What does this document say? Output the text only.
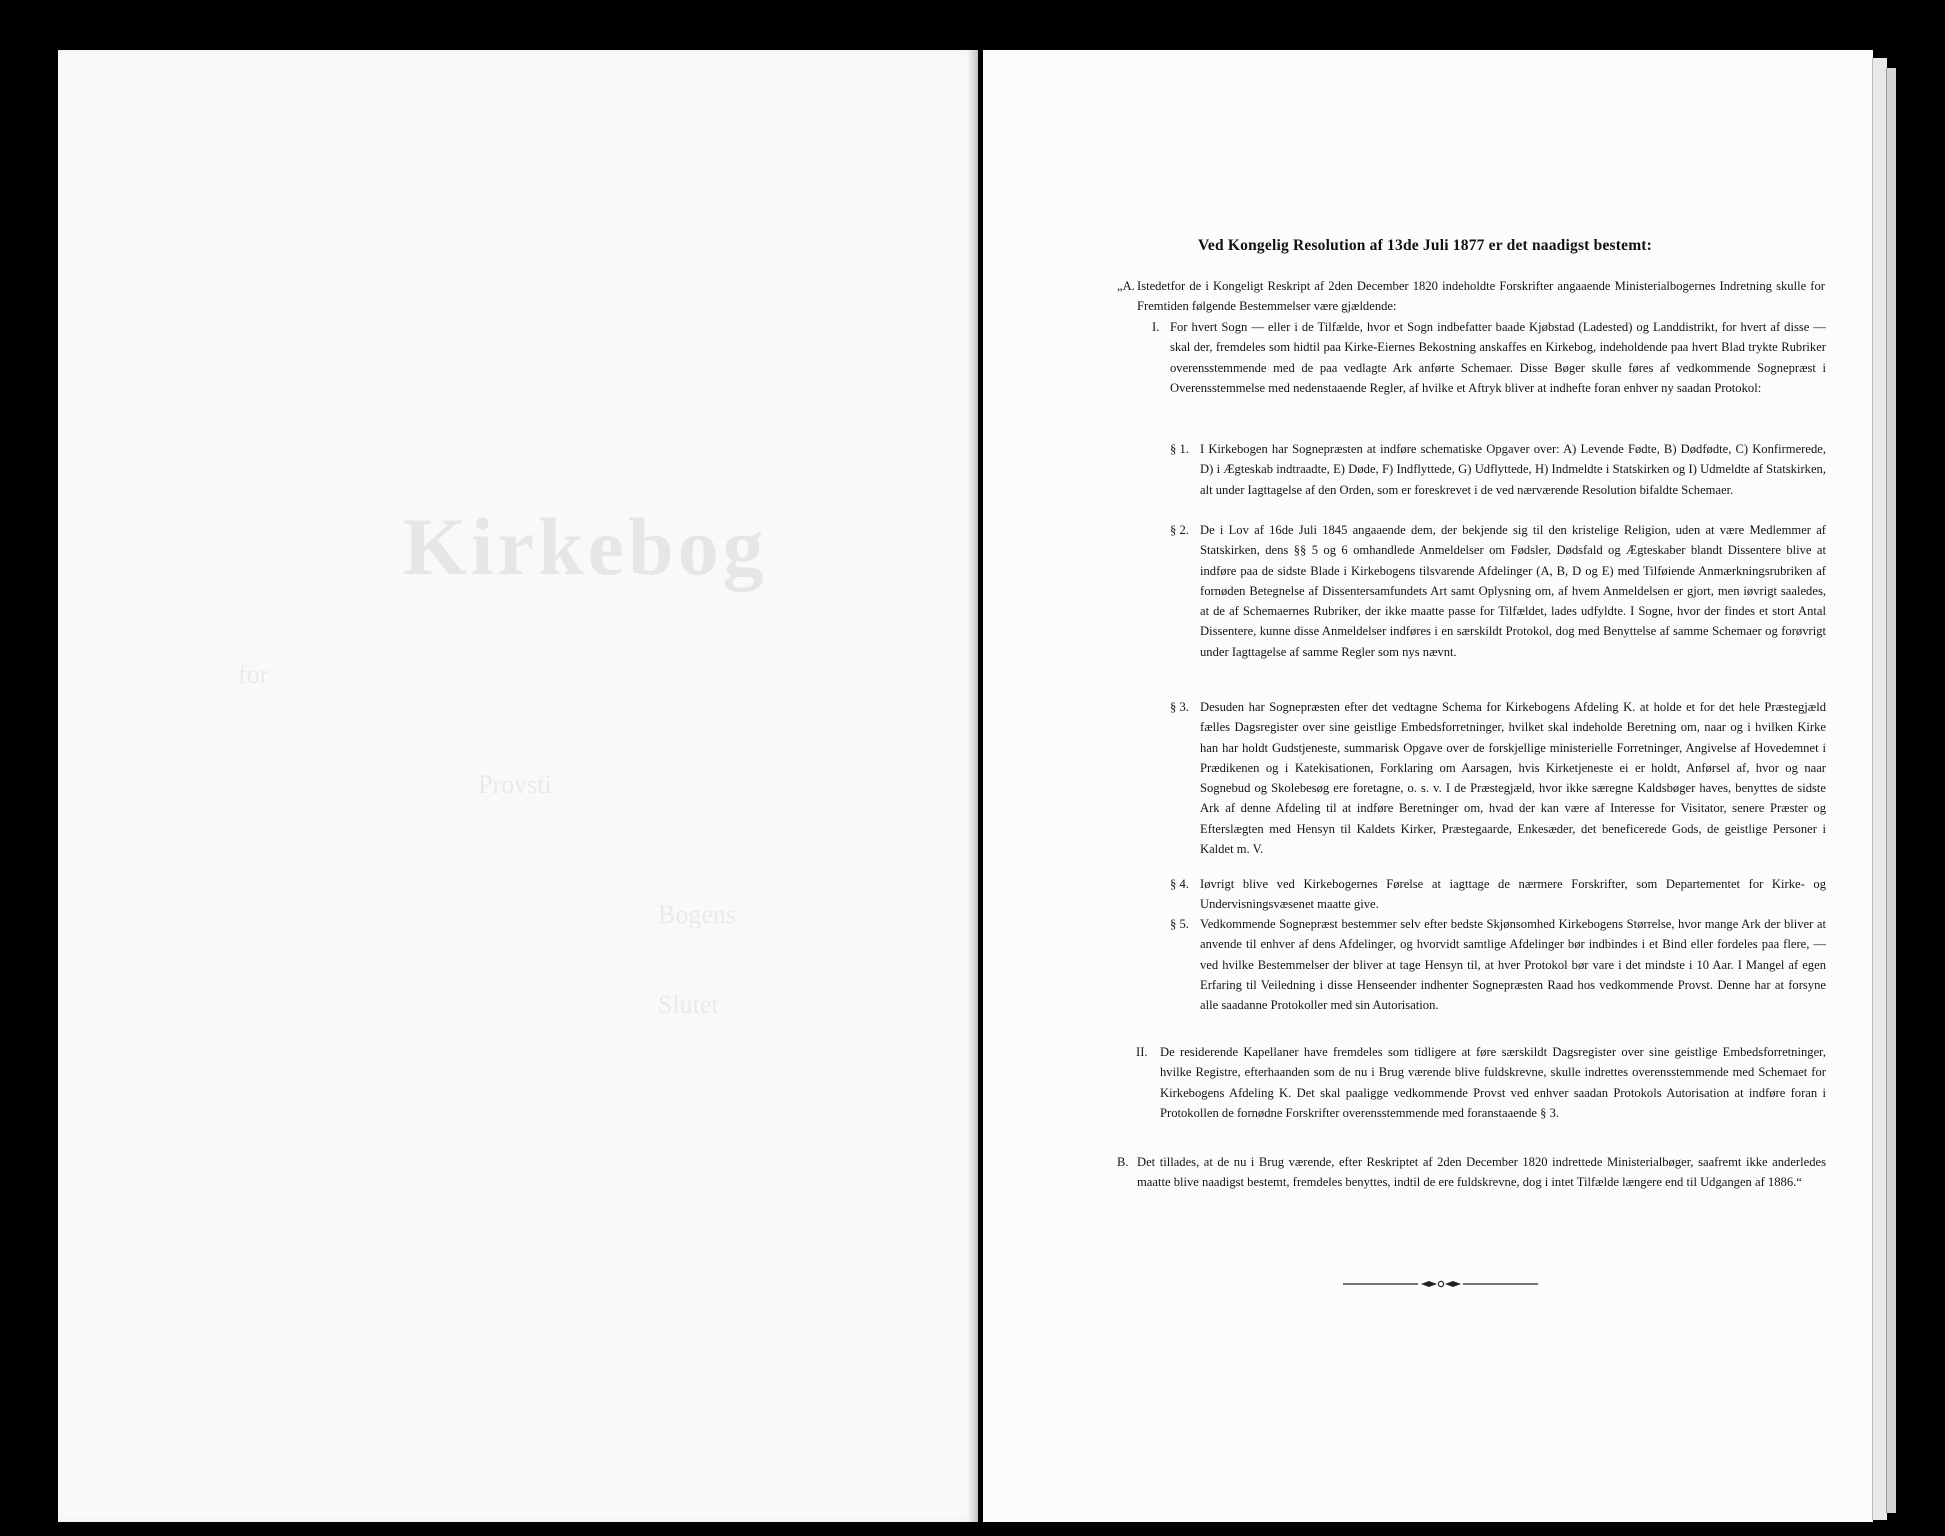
Kirkebog
for
Provsti
Bogens
Slutet
Ved Kongelig Resolution af 13de Juli 1877 er det naadigst bestemt:
„A. Istedetfor de i Kongeligt Reskript af 2den December 1820 indeholdte Forskrifter angaaende Ministerialbogernes Indretning skulle for Fremtiden følgende Bestemmelser være gjældende:

I. For hvert Sogn — eller i de Tilfælde, hvor et Sogn indbefatter baade Kjøbstad (Ladested) og Landdistrikt, for hvert af disse — skal der, fremdeles som hidtil paa Kirke-Eiernes Bekostning anskaffes en Kirkebog, indeholdende paa hvert Blad trykte Rubriker overensstemmende med de paa vedlagte Ark anførte Schemaer. Disse Bøger skulle føres af vedkommende Sognepræst i Overensstemmelse med nedenstaaende Regler, af hvilke et Aftryk bliver at indhefte foran enhver ny saadan Protokol:

§ 1. I Kirkebogen har Sognepræsten at indføre schematiske Opgaver over: A) Levende Fødte, B) Dødfødte, C) Konfirmerede, D) i Ægteskab indtraadte, E) Døde, F) Indflyttede, G) Udflyttede, H) Indmeldte i Statskirken og I) Udmeldte af Statskirken, alt under Iagttagelse af den Orden, som er foreskrevet i de ved nærværende Resolution bifaldte Schemaer.

§ 2. De i Lov af 16de Juli 1845 angaaende dem, der bekjende sig til den kristelige Religion, uden at være Medlemmer af Statskirken, dens §§ 5 og 6 omhandlede Anmeldelser om Fødsler, Dødsfald og Ægteskaber blandt Dissentere blive at indføre paa de sidste Blade i Kirkebogens tilsvarende Afdelinger (A, B, D og E) med Tilføiende Anmærkningsrubriken af fornøden Betegnelse af Dissentersamfundets Art samt Oplysning om, af hvem Anmeldelsen er gjort, men iøvrigt saaledes, at de af Schemaernes Rubriker, der ikke maatte passe for Tilfældet, lades udfyldte. I Sogne, hvor der findes et stort Antal Dissentere, kunne disse Anmeldelser indføres i en særskildt Protokol, dog med Benyttelse af samme Schemaer og forøvrigt under Iagttagelse af samme Regler som nys nævnt.

§ 3. Desuden har Sognepræsten efter det vedtagne Schema for Kirkebogens Afdeling K. at holde et for det hele Præstegjæld fælles Dagsregister over sine geistlige Embedsforretninger, hvilket skal indeholde Beretning om, naar og i hvilken Kirke han har holdt Gudstjeneste, summarisk Opgave over de forskjellige ministerielle Forretninger, Angivelse af Hovedemnet i Prædikenen og i Katekisationen, Forklaring om Aarsagen, hvis Kirketjeneste ei er holdt, Anførsel af, hvor og naar Sognebud og Skolebesøg ere foretagne, o. s. v. I de Præstegjæld, hvor ikke særegne Kaldsbøger haves, benyttes de sidste Ark af denne Afdeling til at indføre Beretninger om, hvad der kan være af Interesse for Visitator, senere Præster og Efterslægten med Hensyn til Kaldets Kirker, Præstegaarde, Enkesæder, det beneficerede Gods, de geistlige Personer i Kaldet m. V.

§ 4. Iøvrigt blive ved Kirkebogernes Førelse at iagttage de nærmere Forskrifter, som Departementet for Kirke- og Undervisningsvæsenet maatte give.

§ 5. Vedkommende Sognepræst bestemmer selv efter bedste Skjønsomhed Kirkebogens Størrelse, hvor mange Ark der bliver at anvende til enhver af dens Afdelinger, og hvorvidt samtlige Afdelinger bør indbindes i et Bind eller fordeles paa flere, — ved hvilke Bestemmelser der bliver at tage Hensyn til, at hver Protokol bør vare i det mindste i 10 Aar. I Mangel af egen Erfaring til Veiledning i disse Henseender indhenter Sognepræsten Raad hos vedkommende Provst. Denne har at forsyne alle saadanne Protokoller med sin Autorisation.

II. De residerende Kapellaner have fremdeles som tidligere at føre særskildt Dagsregister over sine geistlige Embedsforretninger, hvilke Registre, efterhaanden som de nu i Brug værende blive fuldskrevne, skulle indrettes overensstemmende med Schemaet for Kirkebogens Afdeling K. Det skal paaligge vedkommende Provst ved enhver saadan Protokols Autorisation at indføre foran i Protokollen de fornødne Forskrifter overensstemmende med foranstaaende § 3.

B. Det tillades, at de nu i Brug værende, efter Reskriptet af 2den December 1820 indrettede Ministerialbøger, saafremt ikke anderledes maatte blive naadigst bestemt, fremdeles benyttes, indtil de ere fuldskrevne, dog i intet Tilfælde længere end til Udgangen af 1886.“
